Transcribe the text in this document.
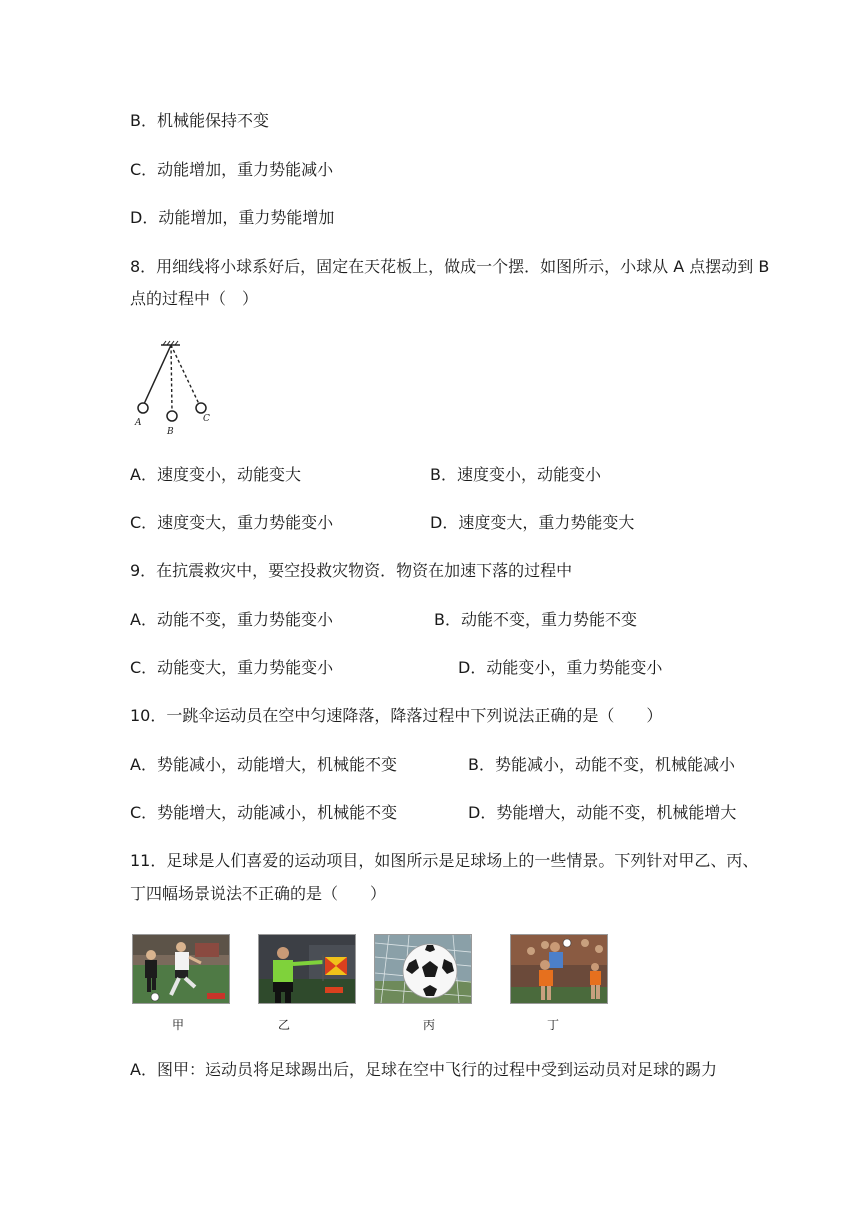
B．机械能保持不变
C．动能增加，重力势能减小
D．动能增加，重力势能增加
8．用细线将小球系好后，固定在天花板上，做成一个摆．如图所示，小球从 A 点摆动到 B
点的过程中（　）
A
B
C
A．速度变小，动能变大	B．速度变小，动能变小
C．速度变大，重力势能变小	D．速度变大，重力势能变大
9．在抗震救灾中，要空投救灾物资．物资在加速下落的过程中
A．动能不变，重力势能变小	B．动能不变，重力势能不变
C．动能变大，重力势能变小	D．动能变小，重力势能变小
10．一跳伞运动员在空中匀速降落，降落过程中下列说法正确的是（　　）
A．势能减小，动能增大，机械能不变	B．势能减小，动能不变，机械能减小
C．势能增大，动能减小，机械能不变	D．势能增大，动能不变，机械能增大
11．足球是人们喜爱的运动项目，如图所示是足球场上的一些情景。下列针对甲乙、丙、
丁四幅场景说法不正确的是（　　）
甲	乙	丙	丁
A．图甲：运动员将足球踢出后，足球在空中飞行的过程中受到运动员对足球的踢力
